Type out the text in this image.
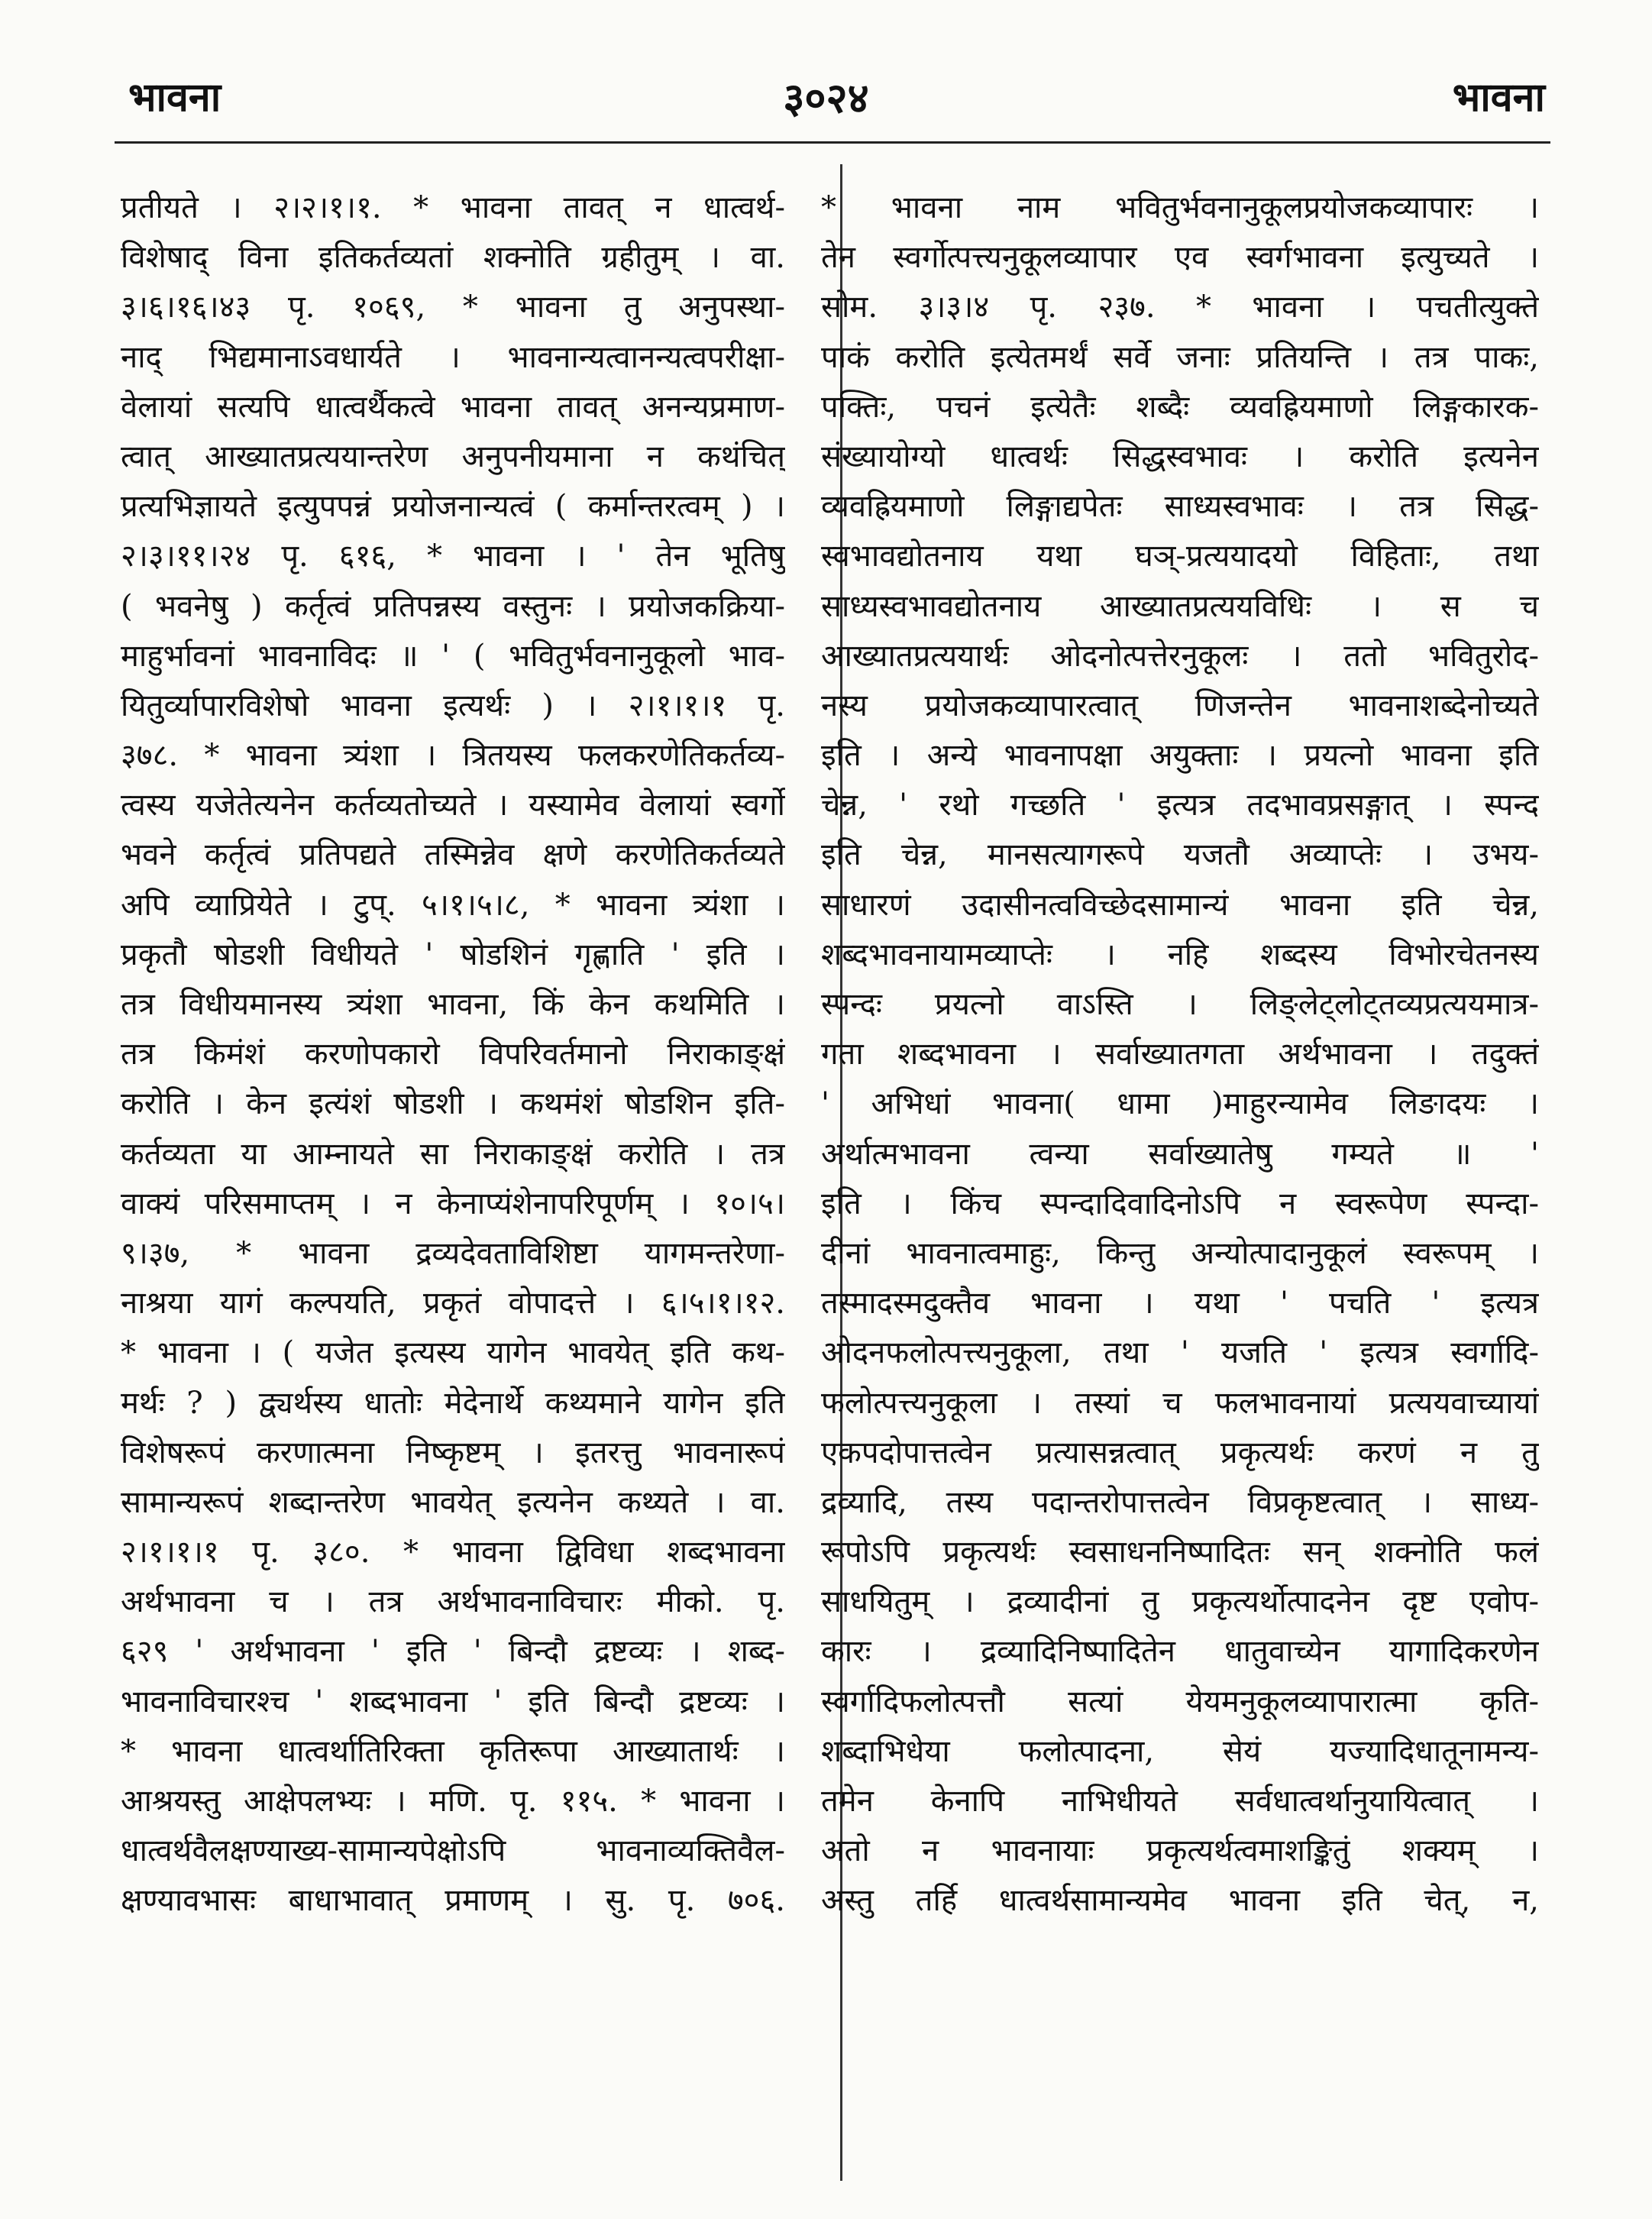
भावना	३०२४	भावना
प्रतीयते । २।२।१।१. * भावना तावत् न धात्वर्थ-
विशेषाद् विना इतिकर्तव्यतां शक्नोति ग्रहीतुम् । वा.
३।६।१६।४३ पृ. १०६९, * भावना तु अनुपस्था-
नाद् भिद्यमानाऽवधार्यते । भावनान्यत्वानन्यत्वपरीक्षा-
वेलायां सत्यपि धात्वर्थैकत्वे भावना तावत् अनन्यप्रमाण-
त्वात् आख्यातप्रत्ययान्तरेण अनुपनीयमाना न कथंचित्
प्रत्यभिज्ञायते इत्युपपन्नं प्रयोजनान्यत्वं ( कर्मान्तरत्वम् ) ।
२।३।११।२४ पृ. ६१६, * भावना । ' तेन भूतिषु
( भवनेषु ) कर्तृत्वं प्रतिपन्नस्य वस्तुनः । प्रयोजकक्रिया-
माहुर्भावनां भावनाविदः ॥ ' ( भवितुर्भवनानुकूलो भाव-
यितुर्व्यापारविशेषो भावना इत्यर्थः ) । २।१।१।१ पृ.
३७८. * भावना त्र्यंशा । त्रितयस्य फलकरणेतिकर्तव्य-
त्वस्य यजेतेत्यनेन कर्तव्यतोच्यते । यस्यामेव वेलायां स्वर्गो
भवने कर्तृत्वं प्रतिपद्यते तस्मिन्नेव क्षणे करणेतिकर्तव्यते
अपि व्याप्रियेते । टुप्. ५।१।५।८, * भावना त्र्यंशा ।
प्रकृतौ षोडशी विधीयते ' षोडशिनं गृह्णाति ' इति ।
तत्र विधीयमानस्य त्र्यंशा भावना, किं केन कथमिति ।
तत्र किमंशं करणोपकारो विपरिवर्तमानो निराकाङ्क्षं
करोति । केन इत्यंशं षोडशी । कथमंशं षोडशिन इति-
कर्तव्यता या आम्नायते सा निराकाङ्क्षं करोति । तत्र
वाक्यं परिसमाप्तम् । न केनाप्यंशेनापरिपूर्णम् । १०।५।
९।३७, * भावना द्रव्यदेवताविशिष्टा यागमन्तरेणा-
नाश्रया यागं कल्पयति, प्रकृतं वोपादत्ते । ६।५।१।१२.
* भावना । ( यजेत इत्यस्य यागेन भावयेत् इति कथ-
मर्थः ? ) द्व्यर्थस्य धातोः मेदेनार्थे कथ्यमाने यागेन इति
विशेषरूपं करणात्मना निष्कृष्टम् । इतरत्तु भावनारूपं
सामान्यरूपं शब्दान्तरेण भावयेत् इत्यनेन कथ्यते । वा.
२।१।१।१ पृ. ३८०. * भावना द्विविधा शब्दभावना
अर्थभावना च । तत्र अर्थभावनाविचारः मीको. पृ.
६२९ ' अर्थभावना ' इति ' बिन्दौ द्रष्टव्यः । शब्द-
भावनाविचारश्च ' शब्दभावना ' इति बिन्दौ द्रष्टव्यः ।
* भावना धात्वर्थातिरिक्ता कृतिरूपा आख्यातार्थः ।
आश्रयस्तु आक्षेपलभ्यः । मणि. पृ. ११५. * भावना ।
धात्वर्थवैलक्षण्याख्य-सामान्यपेक्षोऽपि भावनाव्यक्तिवैल-
क्षण्यावभासः बाधाभावात् प्रमाणम् । सु. पृ. ७०६.
* भावना नाम भवितुर्भवनानुकूलप्रयोजकव्यापारः ।
तेन स्वर्गोत्पत्त्यनुकूलव्यापार एव स्वर्गभावना इत्युच्यते ।
सोम. ३।३।४ पृ. २३७. * भावना । पचतीत्युक्ते
पाकं करोति इत्येतमर्थं सर्वे जनाः प्रतियन्ति । तत्र पाकः,
पक्तिः, पचनं इत्येतैः शब्दैः व्यवह्रियमाणो लिङ्गकारक-
संख्यायोग्यो धात्वर्थः सिद्धस्वभावः । करोति इत्यनेन
व्यवह्रियमाणो लिङ्गाद्यपेतः साध्यस्वभावः । तत्र सिद्ध-
स्वभावद्योतनाय यथा घञ्-प्रत्ययादयो विहिताः, तथा
साध्यस्वभावद्योतनाय आख्यातप्रत्ययविधिः । स च
आख्यातप्रत्ययार्थः ओदनोत्पत्तेरनुकूलः । ततो भवितुरोद-
नस्य प्रयोजकव्यापारत्वात् णिजन्तेन भावनाशब्देनोच्यते
इति । अन्ये भावनापक्षा अयुक्ताः । प्रयत्नो भावना इति
चेन्न, ' रथो गच्छति ' इत्यत्र तदभावप्रसङ्गात् । स्पन्द
इति चेन्न, मानसत्यागरूपे यजतौ अव्याप्तेः । उभय-
साधारणं उदासीनत्वविच्छेदसामान्यं भावना इति चेन्न,
शब्दभावनायामव्याप्तेः । नहि शब्दस्य विभोरचेतनस्य
स्पन्दः प्रयत्नो वाऽस्ति । लिङ्लेट्लोट्तव्यप्रत्ययमात्र-
गता शब्दभावना । सर्वाख्यातगता अर्थभावना । तदुक्तं
' अभिधां भावना( धामा )माहुरन्यामेव लिङादयः ।
अर्थात्मभावना त्वन्या सर्वाख्यातेषु गम्यते ॥ '
इति । किंच स्पन्दादिवादिनोऽपि न स्वरूपेण स्पन्दा-
दीनां भावनात्वमाहुः, किन्तु अन्योत्पादानुकूलं स्वरूपम् ।
तस्मादस्मदुक्तैव भावना । यथा ' पचति ' इत्यत्र
ओदनफलोत्पत्त्यनुकूला, तथा ' यजति ' इत्यत्र स्वर्गादि-
फलोत्पत्त्यनुकूला । तस्यां च फलभावनायां प्रत्ययवाच्यायां
एकपदोपात्तत्वेन प्रत्यासन्नत्वात् प्रकृत्यर्थः करणं न तु
द्रव्यादि, तस्य पदान्तरोपात्तत्वेन विप्रकृष्टत्वात् । साध्य-
रूपोऽपि प्रकृत्यर्थः स्वसाधननिष्पादितः सन् शक्नोति फलं
साधयितुम् । द्रव्यादीनां तु प्रकृत्यर्थोत्पादनेन दृष्ट एवोप-
कारः । द्रव्यादिनिष्पादितेन धातुवाच्येन यागादिकरणेन
स्वर्गादिफलोत्पत्तौ सत्यां येयमनुकूलव्यापारात्मा कृति-
शब्दाभिधेया फलोत्पादना, सेयं यज्यादिधातूनामन्य-
तमेन केनापि नाभिधीयते सर्वधात्वर्थानुयायित्वात् ।
अतो न भावनायाः प्रकृत्यर्थत्वमाशङ्कितुं शक्यम् ।
अस्तु तर्हि धात्वर्थसामान्यमेव भावना इति चेत्, न,
